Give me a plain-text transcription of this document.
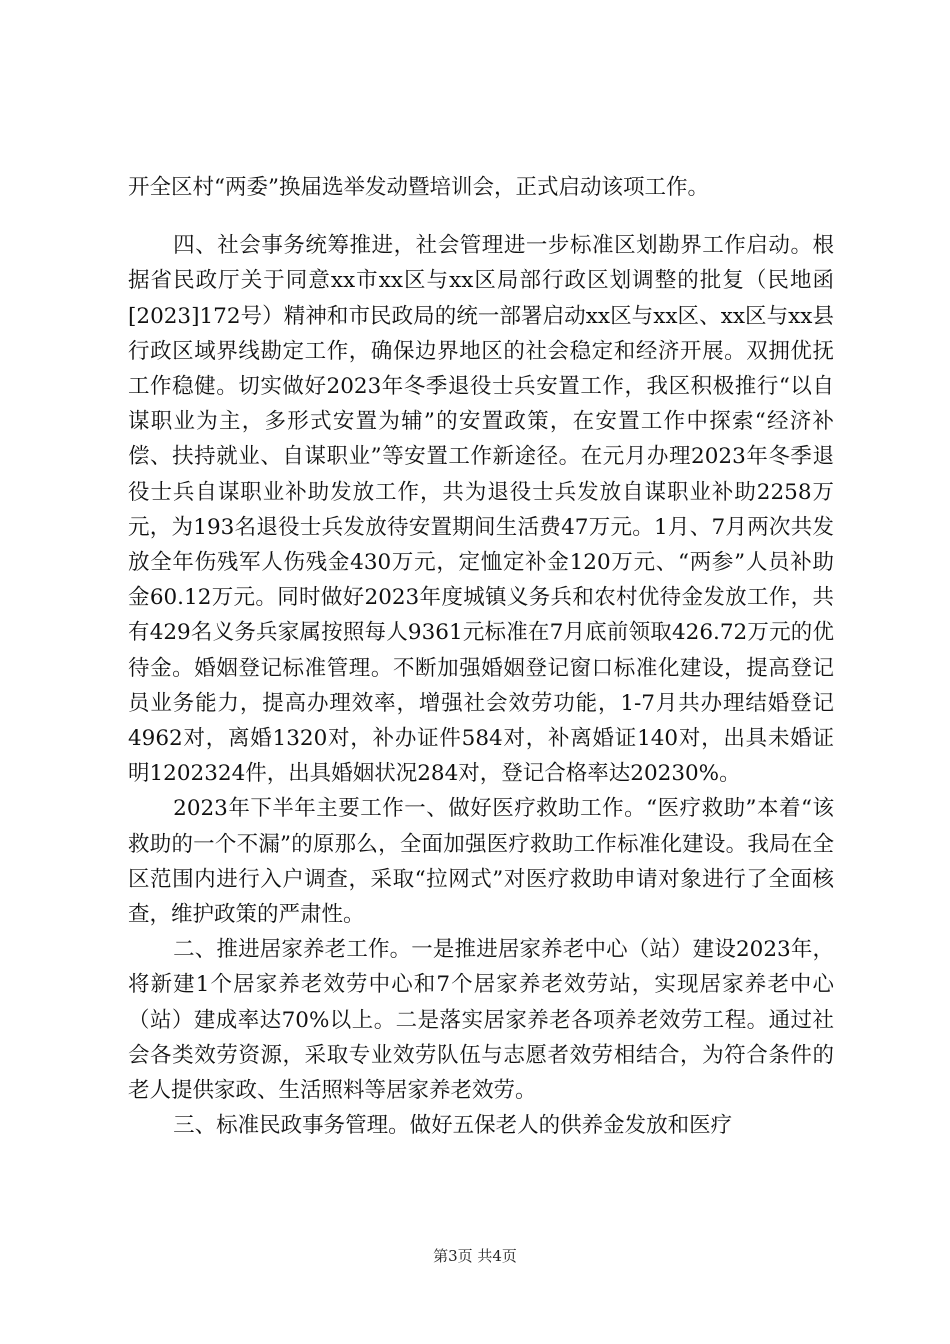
开全区村“两委”换届选举发动暨培训会，正式启动该项工作。

四、社会事务统筹推进，社会管理进一步标准区划勘界工作启动。根据省民政厅关于同意xx市xx区与xx区局部行政区划调整的批复（民地函[2023]172号）精神和市民政局的统一部署启动xx区与xx区、xx区与xx县行政区域界线勘定工作，确保边界地区的社会稳定和经济开展。双拥优抚工作稳健。切实做好2023年冬季退役士兵安置工作，我区积极推行“以自谋职业为主，多形式安置为辅”的安置政策，在安置工作中探索“经济补偿、扶持就业、自谋职业”等安置工作新途径。在元月办理2023年冬季退役士兵自谋职业补助发放工作，共为退役士兵发放自谋职业补助2258万元，为193名退役士兵发放待安置期间生活费47万元。1月、7月两次共发放全年伤残军人伤残金430万元，定恤定补金120万元、“两参”人员补助金60.12万元。同时做好2023年度城镇义务兵和农村优待金发放工作，共有429名义务兵家属按照每人9361元标准在7月底前领取426.72万元的优待金。婚姻登记标准管理。不断加强婚姻登记窗口标准化建设，提高登记员业务能力，提高办理效率，增强社会效劳功能，1-7月共办理结婚登记4962对，离婚1320对，补办证件584对，补离婚证140对，出具未婚证明1202324件，出具婚姻状况284对，登记合格率达20230%。

2023年下半年主要工作一、做好医疗救助工作。“医疗救助”本着“该救助的一个不漏”的原那么，全面加强医疗救助工作标准化建设。我局在全区范围内进行入户调查，采取“拉网式”对医疗救助申请对象进行了全面核查，维护政策的严肃性。

二、推进居家养老工作。一是推进居家养老中心（站）建设2023年，将新建1个居家养老效劳中心和7个居家养老效劳站，实现居家养老中心（站）建成率达70%以上。二是落实居家养老各项养老效劳工程。通过社会各类效劳资源，采取专业效劳队伍与志愿者效劳相结合，为符合条件的老人提供家政、生活照料等居家养老效劳。

三、标准民政事务管理。做好五保老人的供养金发放和医疗

第3页 共4页
